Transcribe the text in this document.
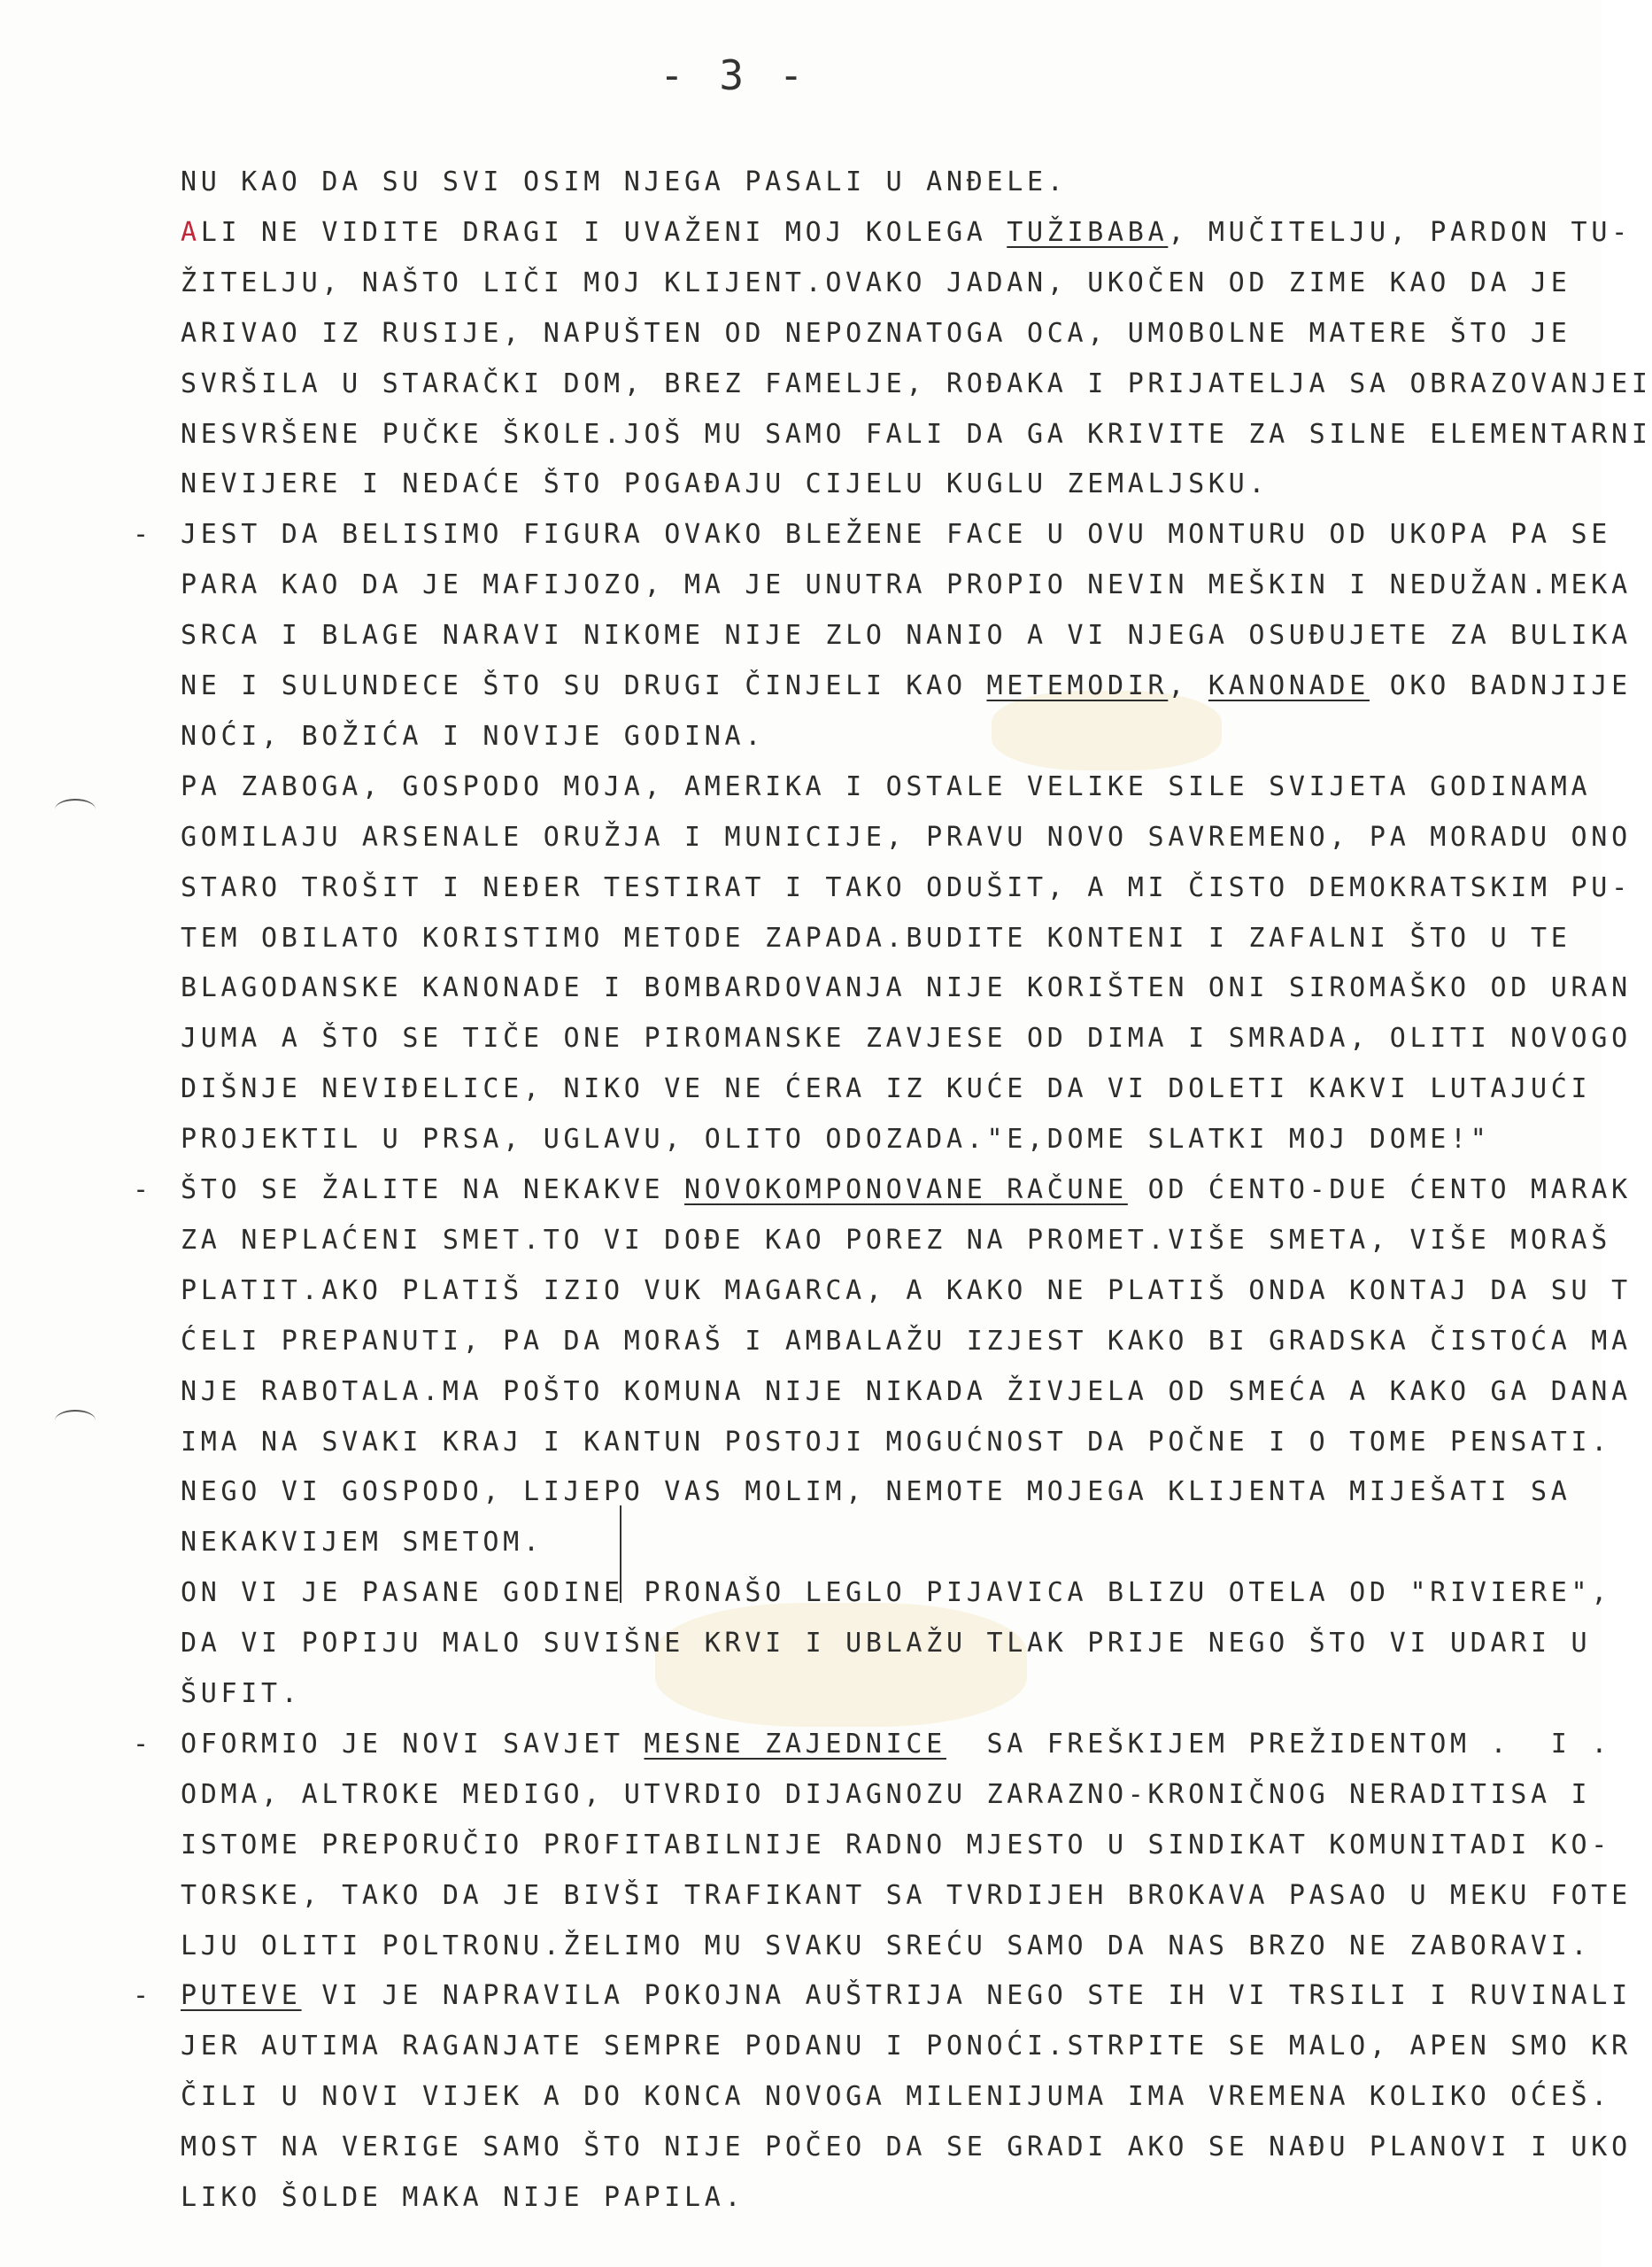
- 3 -
NU KAO DA SU SVI OSIM NJEGA PASALI U ANĐELE.
ALI NE VIDITE DRAGI I UVAŽENI MOJ KOLEGA TUŽIBABA, MUČITELJU, PARDON TU-
ŽITELJU, NAŠTO LIČI MOJ KLIJENT.OVAKO JADAN, UKOČEN OD ZIME KAO DA JE
ARIVAO IZ RUSIJE, NAPUŠTEN OD NEPOZNATOGA OCA, UMOBOLNE MATERE ŠTO JE
SVRŠILA U STARAČKI DOM, BREZ FAMELJE, ROĐAKA I PRIJATELJA SA OBRAZOVANJEI
NESVRŠENE PUČKE ŠKOLE.JOŠ MU SAMO FALI DA GA KRIVITE ZA SILNE ELEMENTARNI
NEVIJERE I NEDAĆE ŠTO POGAĐAJU CIJELU KUGLU ZEMALJSKU.
- JEST DA BELISIMO FIGURA OVAKO BLEŽENE FACE U OVU MONTURU OD UKOPA PA SE
PARA KAO DA JE MAFIJOZO, MA JE UNUTRA PROPIO NEVIN MEŠKIN I NEDUŽAN.MEKA
SRCA I BLAGE NARAVI NIKOME NIJE ZLO NANIO A VI NJEGA OSUĐUJETE ZA BULIKA
NE I SULUNDECE ŠTO SU DRUGI ČINJELI KAO METEMODIR, KANONADE OKO BADNJIJE
NOĆI, BOŽIĆA I NOVIJE GODINA.
PA ZABOGA, GOSPODO MOJA, AMERIKA I OSTALE VELIKE SILE SVIJETA GODINAMA
GOMILAJU ARSENALE ORUŽJA I MUNICIJE, PRAVU NOVO SAVREMENO, PA MORADU ONO
STARO TROŠIT I NEĐER TESTIRAT I TAKO ODUŠIT, A MI ČISTO DEMOKRATSKIM PU-
TEM OBILATO KORISTIMO METODE ZAPADA.BUDITE KONTENI I ZAFALNI ŠTO U TE
BLAGODANSKE KANONADE I BOMBARDOVANJA NIJE KORIŠTEN ONI SIROMAŠKO OD URAN
JUMA A ŠTO SE TIČE ONE PIROMANSKE ZAVJESE OD DIMA I SMRADA, OLITI NOVOGO
DIŠNJE NEVIĐELICE, NIKO VE NE ĆERA IZ KUĆE DA VI DOLETI KAKVI LUTAJUĆI
PROJEKTIL U PRSA, UGLAVU, OLITO ODOZADA."E,DOME SLATKI MOJ DOME!"
- ŠTO SE ŽALITE NA NEKAKVE NOVOKOMPONOVANE RAČUNE OD ĆENTO-DUE ĆENTO MARAK
ZA NEPLAĆENI SMET.TO VI DOĐE KAO POREZ NA PROMET.VIŠE SMETA, VIŠE MORAŠ
PLATIT.AKO PLATIŠ IZIO VUK MAGARCA, A KAKO NE PLATIŠ ONDA KONTAJ DA SU T
ĆELI PREPANUTI, PA DA MORAŠ I AMBALAŽU IZJEST KAKO BI GRADSKA ČISTOĆA MA
NJE RABOTALA.MA POŠTO KOMUNA NIJE NIKADA ŽIVJELA OD SMEĆA A KAKO GA DANA
IMA NA SVAKI KRAJ I KANTUN POSTOJI MOGUĆNOST DA POČNE I O TOME PENSATI.
NEGO VI GOSPODO, LIJEPO VAS MOLIM, NEMOTE MOJEGA KLIJENTA MIJEŠATI SA
NEKAKVIJEM SMETOM.
ON VI JE PASANE GODINE PRONAŠO LEGLO PIJAVICA BLIZU OTELA OD "RIVIERE",
DA VI POPIJU MALO SUVIŠNE KRVI I UBLAŽU TLAK PRIJE NEGO ŠTO VI UDARI U
ŠUFIT.
- OFORMIO JE NOVI SAVJET MESNE ZAJEDNICE  SA FREŠKIJEM PREŽIDENTOM .  I .
ODMA, ALTROKE MEDIGO, UTVRDIO DIJAGNOZU ZARAZNO-KRONIČNOG NERADITISA I
ISTOME PREPORUČIO PROFITABILNIJE RADNO MJESTO U SINDIKAT KOMUNITADI KO-
TORSKE, TAKO DA JE BIVŠI TRAFIKANT SA TVRDIJEH BROKAVA PASAO U MEKU FOTE
LJU OLITI POLTRONU.ŽELIMO MU SVAKU SREĆU SAMO DA NAS BRZO NE ZABORAVI.
- PUTEVE VI JE NAPRAVILA POKOJNA AUŠTRIJA NEGO STE IH VI TRSILI I RUVINALI
JER AUTIMA RAGANJATE SEMPRE PODANU I PONOĆI.STRPITE SE MALO, APEN SMO KR
ČILI U NOVI VIJEK A DO KONCA NOVOGA MILENIJUMA IMA VREMENA KOLIKO OĆEŠ.
MOST NA VERIGE SAMO ŠTO NIJE POČEO DA SE GRADI AKO SE NAĐU PLANOVI I UKO
LIKO ŠOLDE MAKA NIJE PAPILA.
